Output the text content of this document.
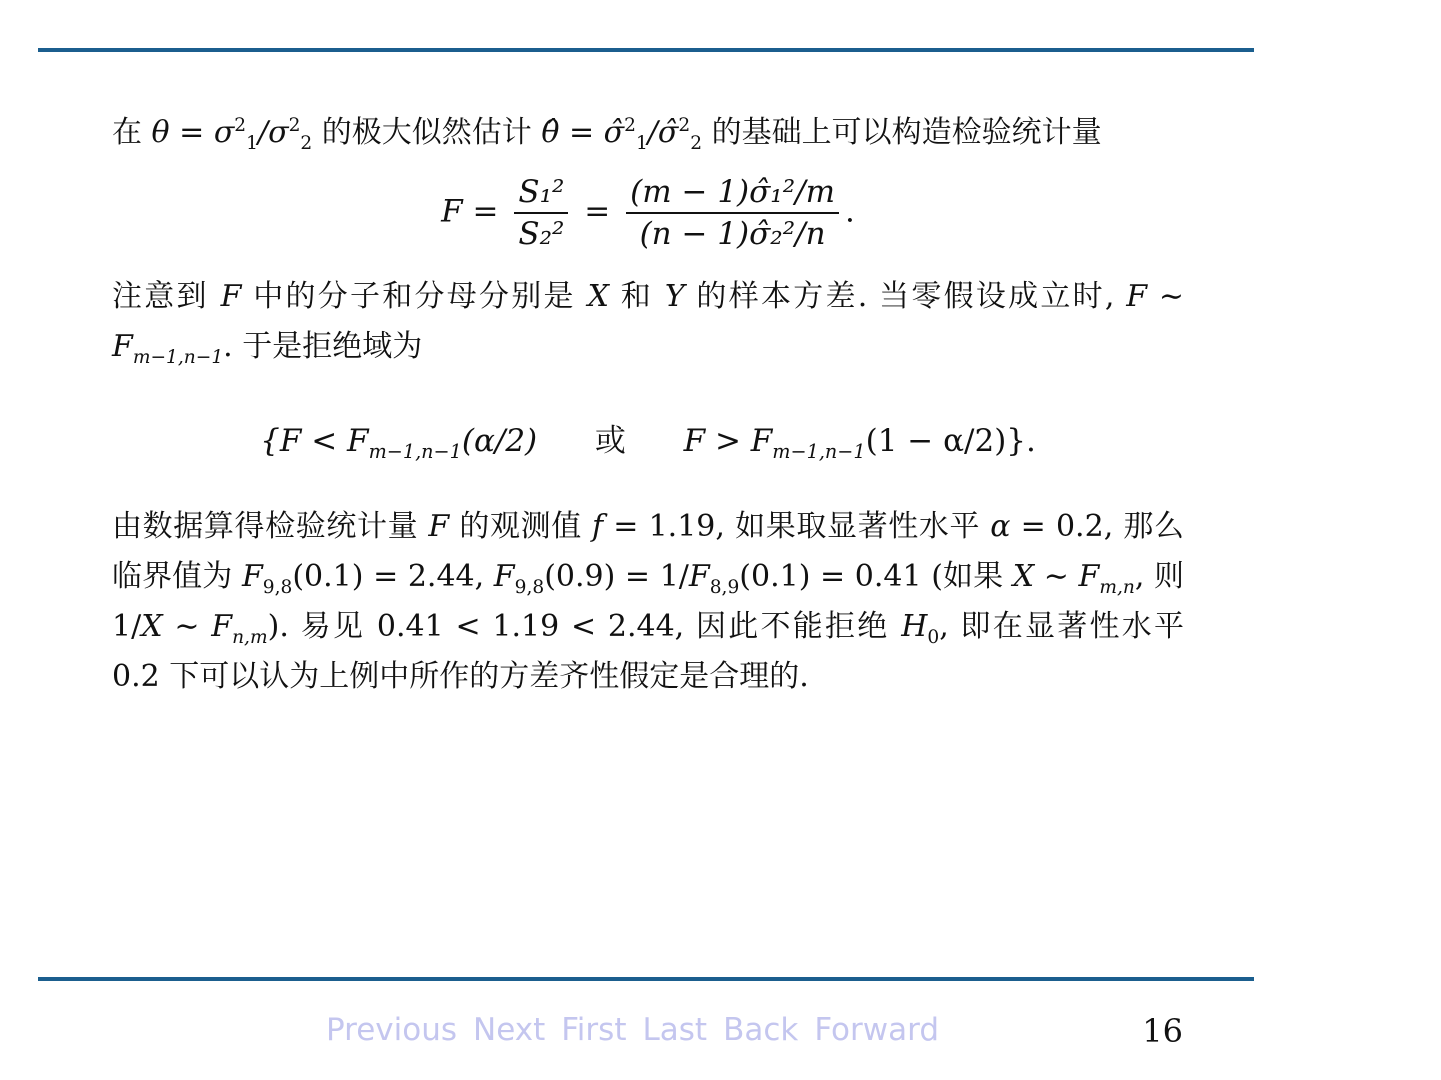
在 $\theta = \sigma^2_1/\sigma^2_2$ 的极大似然估计 θ̂ = σ̂$^2_1$/σ̂$^2_2$ 的基础上可以构造检验统计量

$F = \frac{\text{S₁²}}{\text{S₂²}} = \frac{\text{(m − 1)σ̂₁²/m}}{\text{(n − 1)σ̂₂²/n}}$ .

注意到 F 中的分子和分母分别是 X 和 Y 的样本方差. 当零假设成立时, F ∼ $F_{m-1,n-1}$. 于是拒绝域为

{$F < F_{m-1,n-1}(\alpha/2)$ 或 $F > F_{m-1,n-1}(1 - \alpha/2)$}.

由数据算得检验统计量 F 的观测值 f = 1.19, 如果取显著性水平 α = 0.2, 那么临界值为 $F_{9,8}(0.1) = 2.44$, $F_{9,8}(0.9) = 1/F_{8,9}(0.1) = 0.41$ (如果 X ∼ $F_{m,n}$, 则 1/X ∼ $F_{n,m}$). 易见 0.41 < 1.19 < 2.44, 因此不能拒绝 $H_0$, 即在显著性水平 0.2 下可以认为上例中所作的方差齐性假定是合理的.

Previous Next First Last Back Forward	16
